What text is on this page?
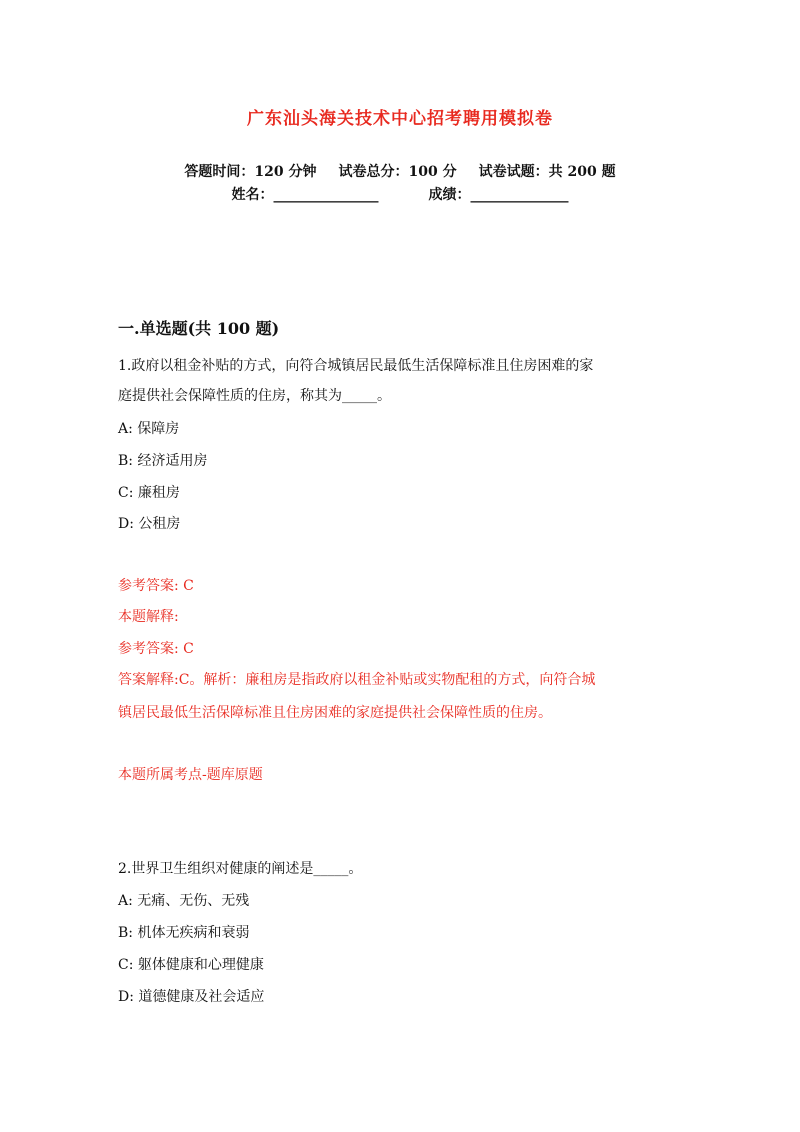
广东汕头海关技术中心招考聘用模拟卷
答题时间：120 分钟 试卷总分：100 分 试卷试题：共 200 题
姓名：_______________	成绩：______________
一.单选题(共 100 题)
1.政府以租金补贴的方式，向符合城镇居民最低生活保障标准且住房困难的家
庭提供社会保障性质的住房，称其为_____。
A: 保障房
B: 经济适用房
C: 廉租房
D: 公租房
参考答案: C
本题解释:
参考答案: C
答案解释:C。解析：廉租房是指政府以租金补贴或实物配租的方式，向符合城
镇居民最低生活保障标准且住房困难的家庭提供社会保障性质的住房。
本题所属考点-题库原题
2.世界卫生组织对健康的阐述是_____。
A: 无痛、无伤、无残
B: 机体无疾病和衰弱
C: 躯体健康和心理健康
D: 道德健康及社会适应
